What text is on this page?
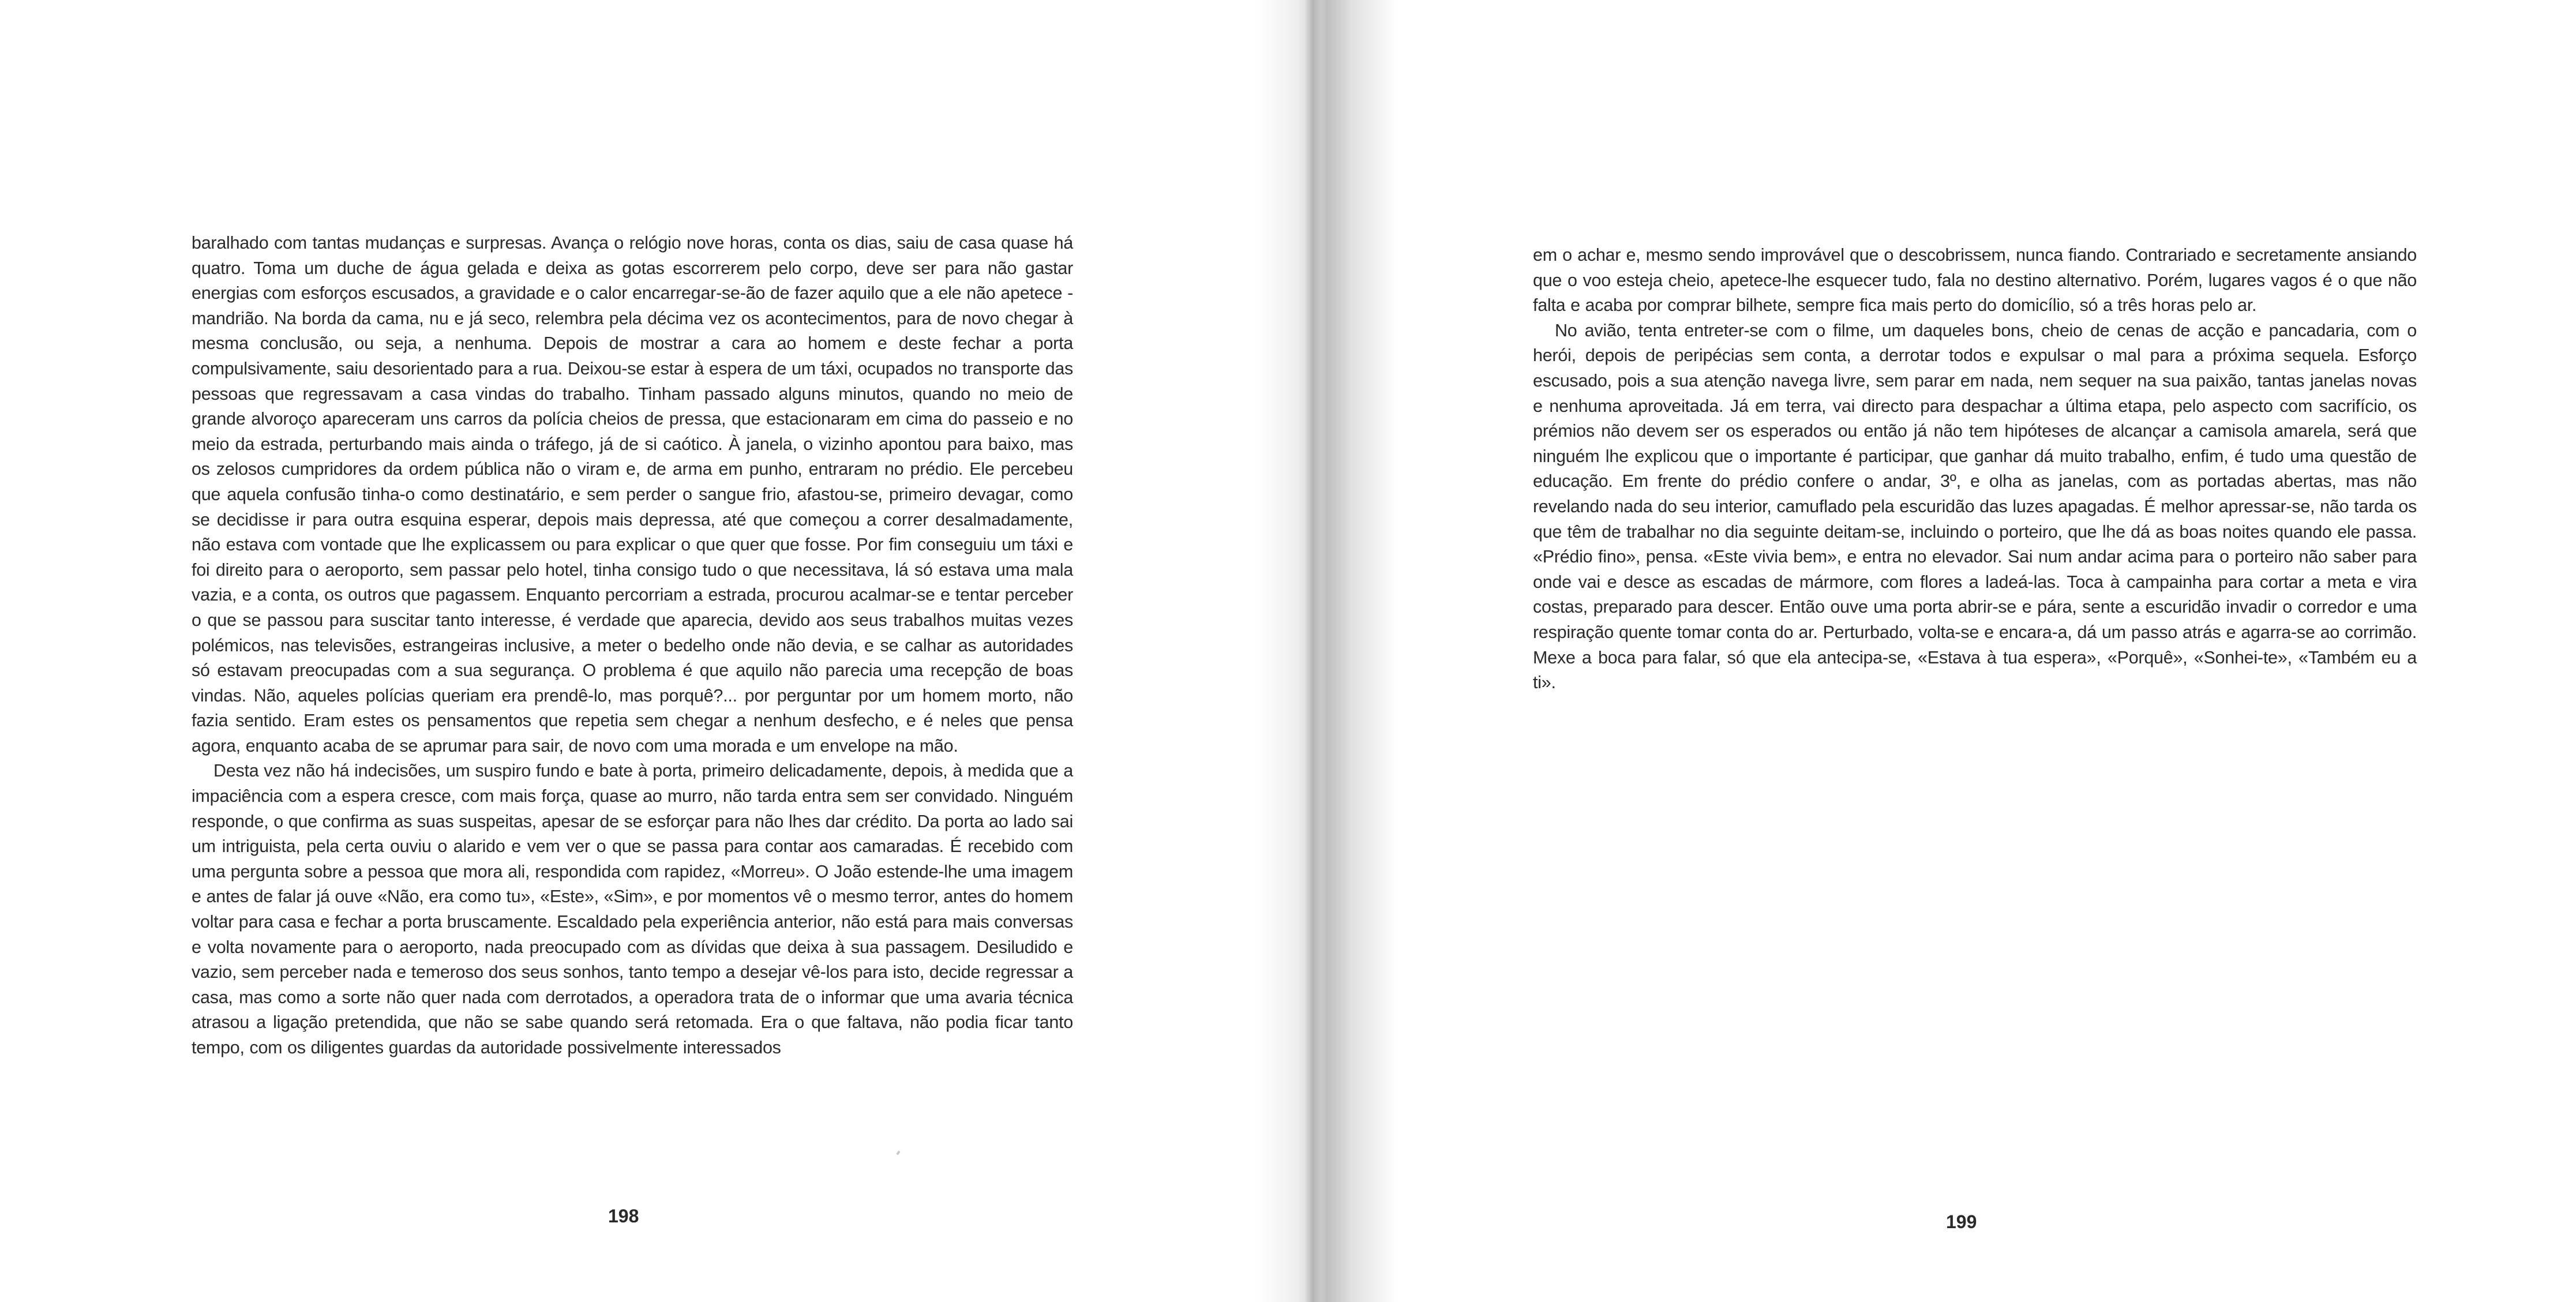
baralhado com tantas mudanças e surpresas. Avança o relógio nove horas, conta os dias, saiu de casa quase há quatro. Toma um duche de água gelada e deixa as gotas escorrerem pelo corpo, deve ser para não gastar energias com esforços escusados, a gravidade e o calor encarregar-se-ão de fazer aquilo que a ele não apetece - mandrião. Na borda da cama, nu e já seco, relembra pela décima vez os acontecimentos, para de novo chegar à mesma conclusão, ou seja, a nenhuma. Depois de mostrar a cara ao homem e deste fechar a porta compulsivamente, saiu desorientado para a rua. Deixou-se estar à espera de um táxi, ocupados no transporte das pessoas que regressavam a casa vindas do trabalho. Tinham passado alguns minutos, quando no meio de grande alvoroço apareceram uns carros da polícia cheios de pressa, que estacionaram em cima do passeio e no meio da estrada, perturbando mais ainda o tráfego, já de si caótico. À janela, o vizinho apontou para baixo, mas os zelosos cumpridores da ordem pública não o viram e, de arma em punho, entraram no prédio. Ele percebeu que aquela confusão tinha-o como destinatário, e sem perder o sangue frio, afastou-se, primeiro devagar, como se decidisse ir para outra esquina esperar, depois mais depressa, até que começou a correr desalmadamente, não estava com vontade que lhe explicassem ou para explicar o que quer que fosse. Por fim conseguiu um táxi e foi direito para o aeroporto, sem passar pelo hotel, tinha consigo tudo o que necessitava, lá só estava uma mala vazia, e a conta, os outros que pagassem. Enquanto percorriam a estrada, procurou acalmar-se e tentar perceber o que se passou para suscitar tanto interesse, é verdade que aparecia, devido aos seus trabalhos muitas vezes polémicos, nas televisões, estrangeiras inclusive, a meter o bedelho onde não devia, e se calhar as autoridades só estavam preocupadas com a sua segurança. O problema é que aquilo não parecia uma recepção de boas vindas. Não, aqueles polícias queriam era prendê-lo, mas porquê?... por perguntar por um homem morto, não fazia sentido. Eram estes os pensamentos que repetia sem chegar a nenhum desfecho, e é neles que pensa agora, enquanto acaba de se aprumar para sair, de novo com uma morada e um envelope na mão.

Desta vez não há indecisões, um suspiro fundo e bate à porta, primeiro delicadamente, depois, à medida que a impaciência com a espera cresce, com mais força, quase ao murro, não tarda entra sem ser convidado. Ninguém responde, o que confirma as suas suspeitas, apesar de se esforçar para não lhes dar crédito. Da porta ao lado sai um intriguista, pela certa ouviu o alarido e vem ver o que se passa para contar aos camaradas. É recebido com uma pergunta sobre a pessoa que mora ali, respondida com rapidez, «Morreu». O João estende-lhe uma imagem e antes de falar já ouve «Não, era como tu», «Este», «Sim», e por momentos vê o mesmo terror, antes do homem voltar para casa e fechar a porta bruscamente. Escaldado pela experiência anterior, não está para mais conversas e volta novamente para o aeroporto, nada preocupado com as dívidas que deixa à sua passagem. Desiludido e vazio, sem perceber nada e temeroso dos seus sonhos, tanto tempo a desejar vê-los para isto, decide regressar a casa, mas como a sorte não quer nada com derrotados, a operadora trata de o informar que uma avaria técnica atrasou a ligação pretendida, que não se sabe quando será retomada. Era o que faltava, não podia ficar tanto tempo, com os diligentes guardas da autoridade possivelmente interessados

198

em o achar e, mesmo sendo improvável que o descobrissem, nunca fiando. Contrariado e secretamente ansiando que o voo esteja cheio, apetece-lhe esquecer tudo, fala no destino alternativo. Porém, lugares vagos é o que não falta e acaba por comprar bilhete, sempre fica mais perto do domicílio, só a três horas pelo ar.

No avião, tenta entreter-se com o filme, um daqueles bons, cheio de cenas de acção e pancadaria, com o herói, depois de peripécias sem conta, a derrotar todos e expulsar o mal para a próxima sequela. Esforço escusado, pois a sua atenção navega livre, sem parar em nada, nem sequer na sua paixão, tantas janelas novas e nenhuma aproveitada. Já em terra, vai directo para despachar a última etapa, pelo aspecto com sacrifício, os prémios não devem ser os esperados ou então já não tem hipóteses de alcançar a camisola amarela, será que ninguém lhe explicou que o importante é participar, que ganhar dá muito trabalho, enfim, é tudo uma questão de educação. Em frente do prédio confere o andar, 3º, e olha as janelas, com as portadas abertas, mas não revelando nada do seu interior, camuflado pela escuridão das luzes apagadas. É melhor apressar-se, não tarda os que têm de trabalhar no dia seguinte deitam-se, incluindo o porteiro, que lhe dá as boas noites quando ele passa. «Prédio fino», pensa. «Este vivia bem», e entra no elevador. Sai num andar acima para o porteiro não saber para onde vai e desce as escadas de mármore, com flores a ladeá-las. Toca à campainha para cortar a meta e vira costas, preparado para descer. Então ouve uma porta abrir-se e pára, sente a escuridão invadir o corredor e uma respiração quente tomar conta do ar. Perturbado, volta-se e encara-a, dá um passo atrás e agarra-se ao corrimão. Mexe a boca para falar, só que ela antecipa-se, «Estava à tua espera», «Porquê», «Sonhei-te», «Também eu a ti».

199
